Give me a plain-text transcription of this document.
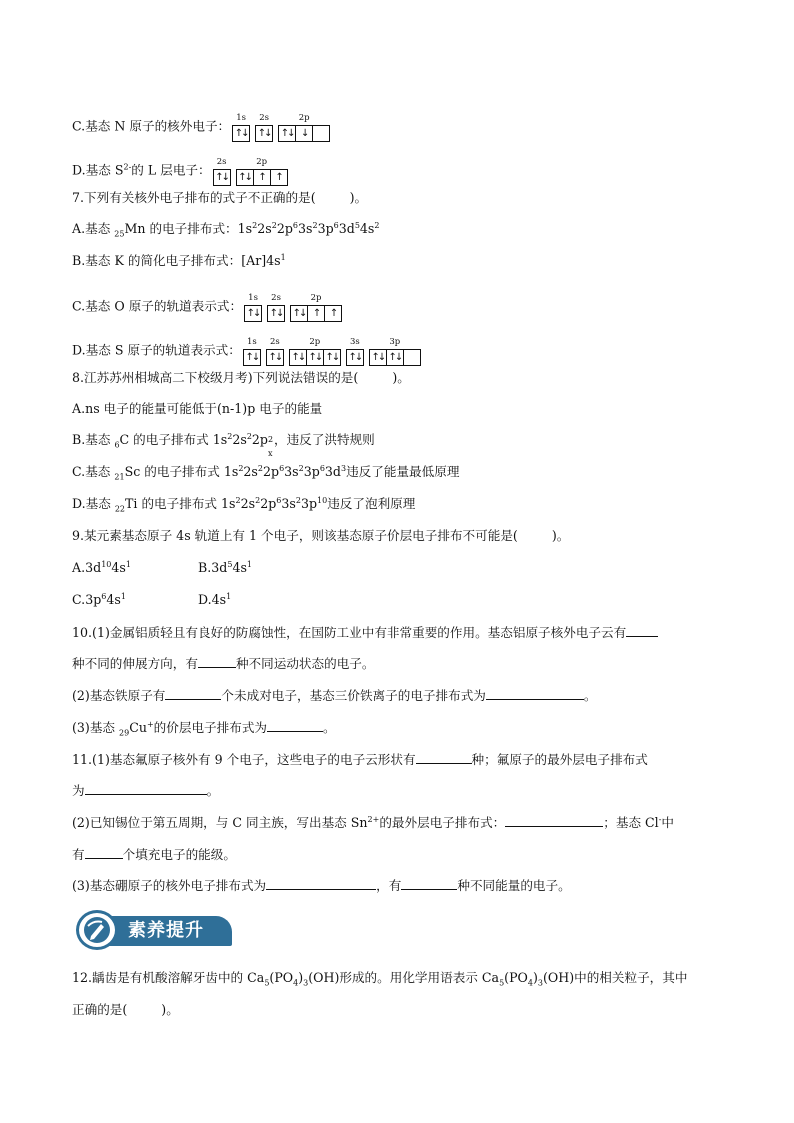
C.基态 N 原子的核外电子：
1s
↑↓
2s
↑↓
2p
↑↓ ↓
D.基态 $S^{2-}$的 L 层电子：
2s
↑↓
2p
↑↓ ↑	↑
7.下列有关核外电子排布的式子不正确的是(	)。
A.基态 $_{25}$Mn 的电子排布式：$1s^22s^22p^63s^23p^63d^54s^2$
B.基态 K 的简化电子排布式：$[Ar]4s^1$
C.基态 O 原子的轨道表示式：
1s
↑↓
2s
↑↓
2p
↑↓ ↑	↑
D.基态 S 原子的轨道表示式：
1s
↑↓
2s
↑↓
2p
↑↓ ↑↓ ↑↓
3s
↑↓
3p
↑↓ ↑↓
8.江苏苏州相城高二下校级月考)下列说法错误的是(	)。
A.ns 电子的能量可能低于(n-1)p 电子的能量
B.基态 $_6$C 的电子排布式 $1s^22s^22p$ 2
x
，违反了洪特规则
C.基态 $_{21}$Sc 的电子排布式 $1s^22s^22p^63s^23p^63d^3$违反了能量最低原理
D.基态 $_{22}$Ti 的电子排布式 $1s^22s^22p^63s^23p^{10}$违反了泡利原理
9.某元素基态原子 4s 轨道上有 1 个电子，则该基态原子价层电子排布不可能是(	)。
$A.3d^{10}4s^1$	$B.3d^54s^1$
$C.3p^64s^1$	$D.4s^1$
10.(1)金属铝质轻且有良好的防腐蚀性，在国防工业中有非常重要的作用。基态铝原子核外电子云有
种不同的伸展方向，有	种不同运动状态的电子。
(2)基态铁原子有	个未成对电子，基态三价铁离子的电子排布式为	。
(3)基态 $_{29}$Cu+的价层电子排布式为	。
11.(1)基态氟原子核外有 9 个电子，这些电子的电子云形状有	种；氟原子的最外层电子排布式
为	。
(2)已知锡位于第五周期，与 C 同主族，写出基态 $Sn^{2+}$的最外层电子排布式：	；基态 Cl-中
有	个填充电子的能级。
(3)基态硼原子的核外电子排布式为	，有	种不同能量的电子。
素养提升
12.龋齿是有机酸溶解牙齿中的 $Ca_5(PO_4)_3(OH)$形成的。用化学用语表示 $Ca_5(PO_4)_3(OH)$中的相关粒子，其中
正确的是(	)。
